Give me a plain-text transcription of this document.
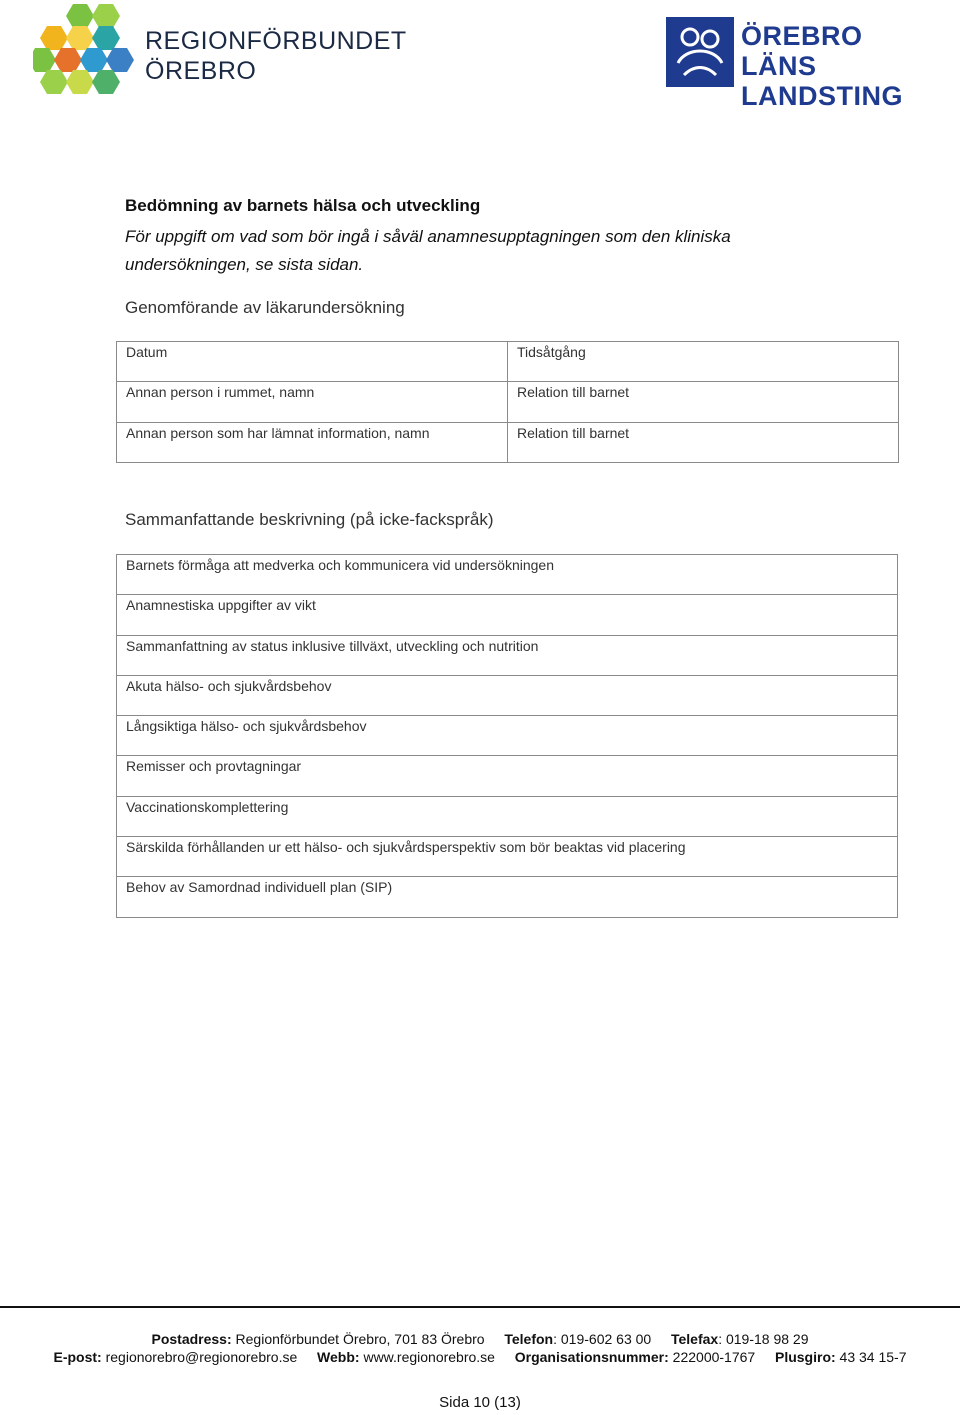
REGIONFÖRBUNDET
ÖREBRO
ÖREBRO LÄNS
LANDSTING
Bedömning av barnets hälsa och utveckling
För uppgift om vad som bör ingå i såväl anamnesupptagningen som den kliniska undersökningen, se sista sidan.
Genomförande av läkarundersökning
Datum	Tidsåtgång

Annan person i rummet, namn	Relation till barnet

Annan person som har lämnat information, namn	Relation till barnet
Sammanfattande beskrivning (på icke-fackspråk)
Barnets förmåga att medverka och kommunicera vid undersökningen

Anamnestiska uppgifter av vikt

Sammanfattning av status inklusive tillväxt, utveckling och nutrition

Akuta hälso- och sjukvårdsbehov

Långsiktiga hälso- och sjukvårdsbehov

Remisser och provtagningar

Vaccinationskomplettering

Särskilda förhållanden ur ett hälso- och sjukvårdsperspektiv som bör beaktas vid placering

Behov av Samordnad individuell plan (SIP)
Postadress: Regionförbundet Örebro, 701 83 Örebro Telefon: 019-602 63 00 Telefax: 019-18 98 29
E-post: regionorebro@regionorebro.se Webb: www.regionorebro.se Organisationsnummer: 222000-1767 Plusgiro: 43 34 15-7
Sida 10 (13)
